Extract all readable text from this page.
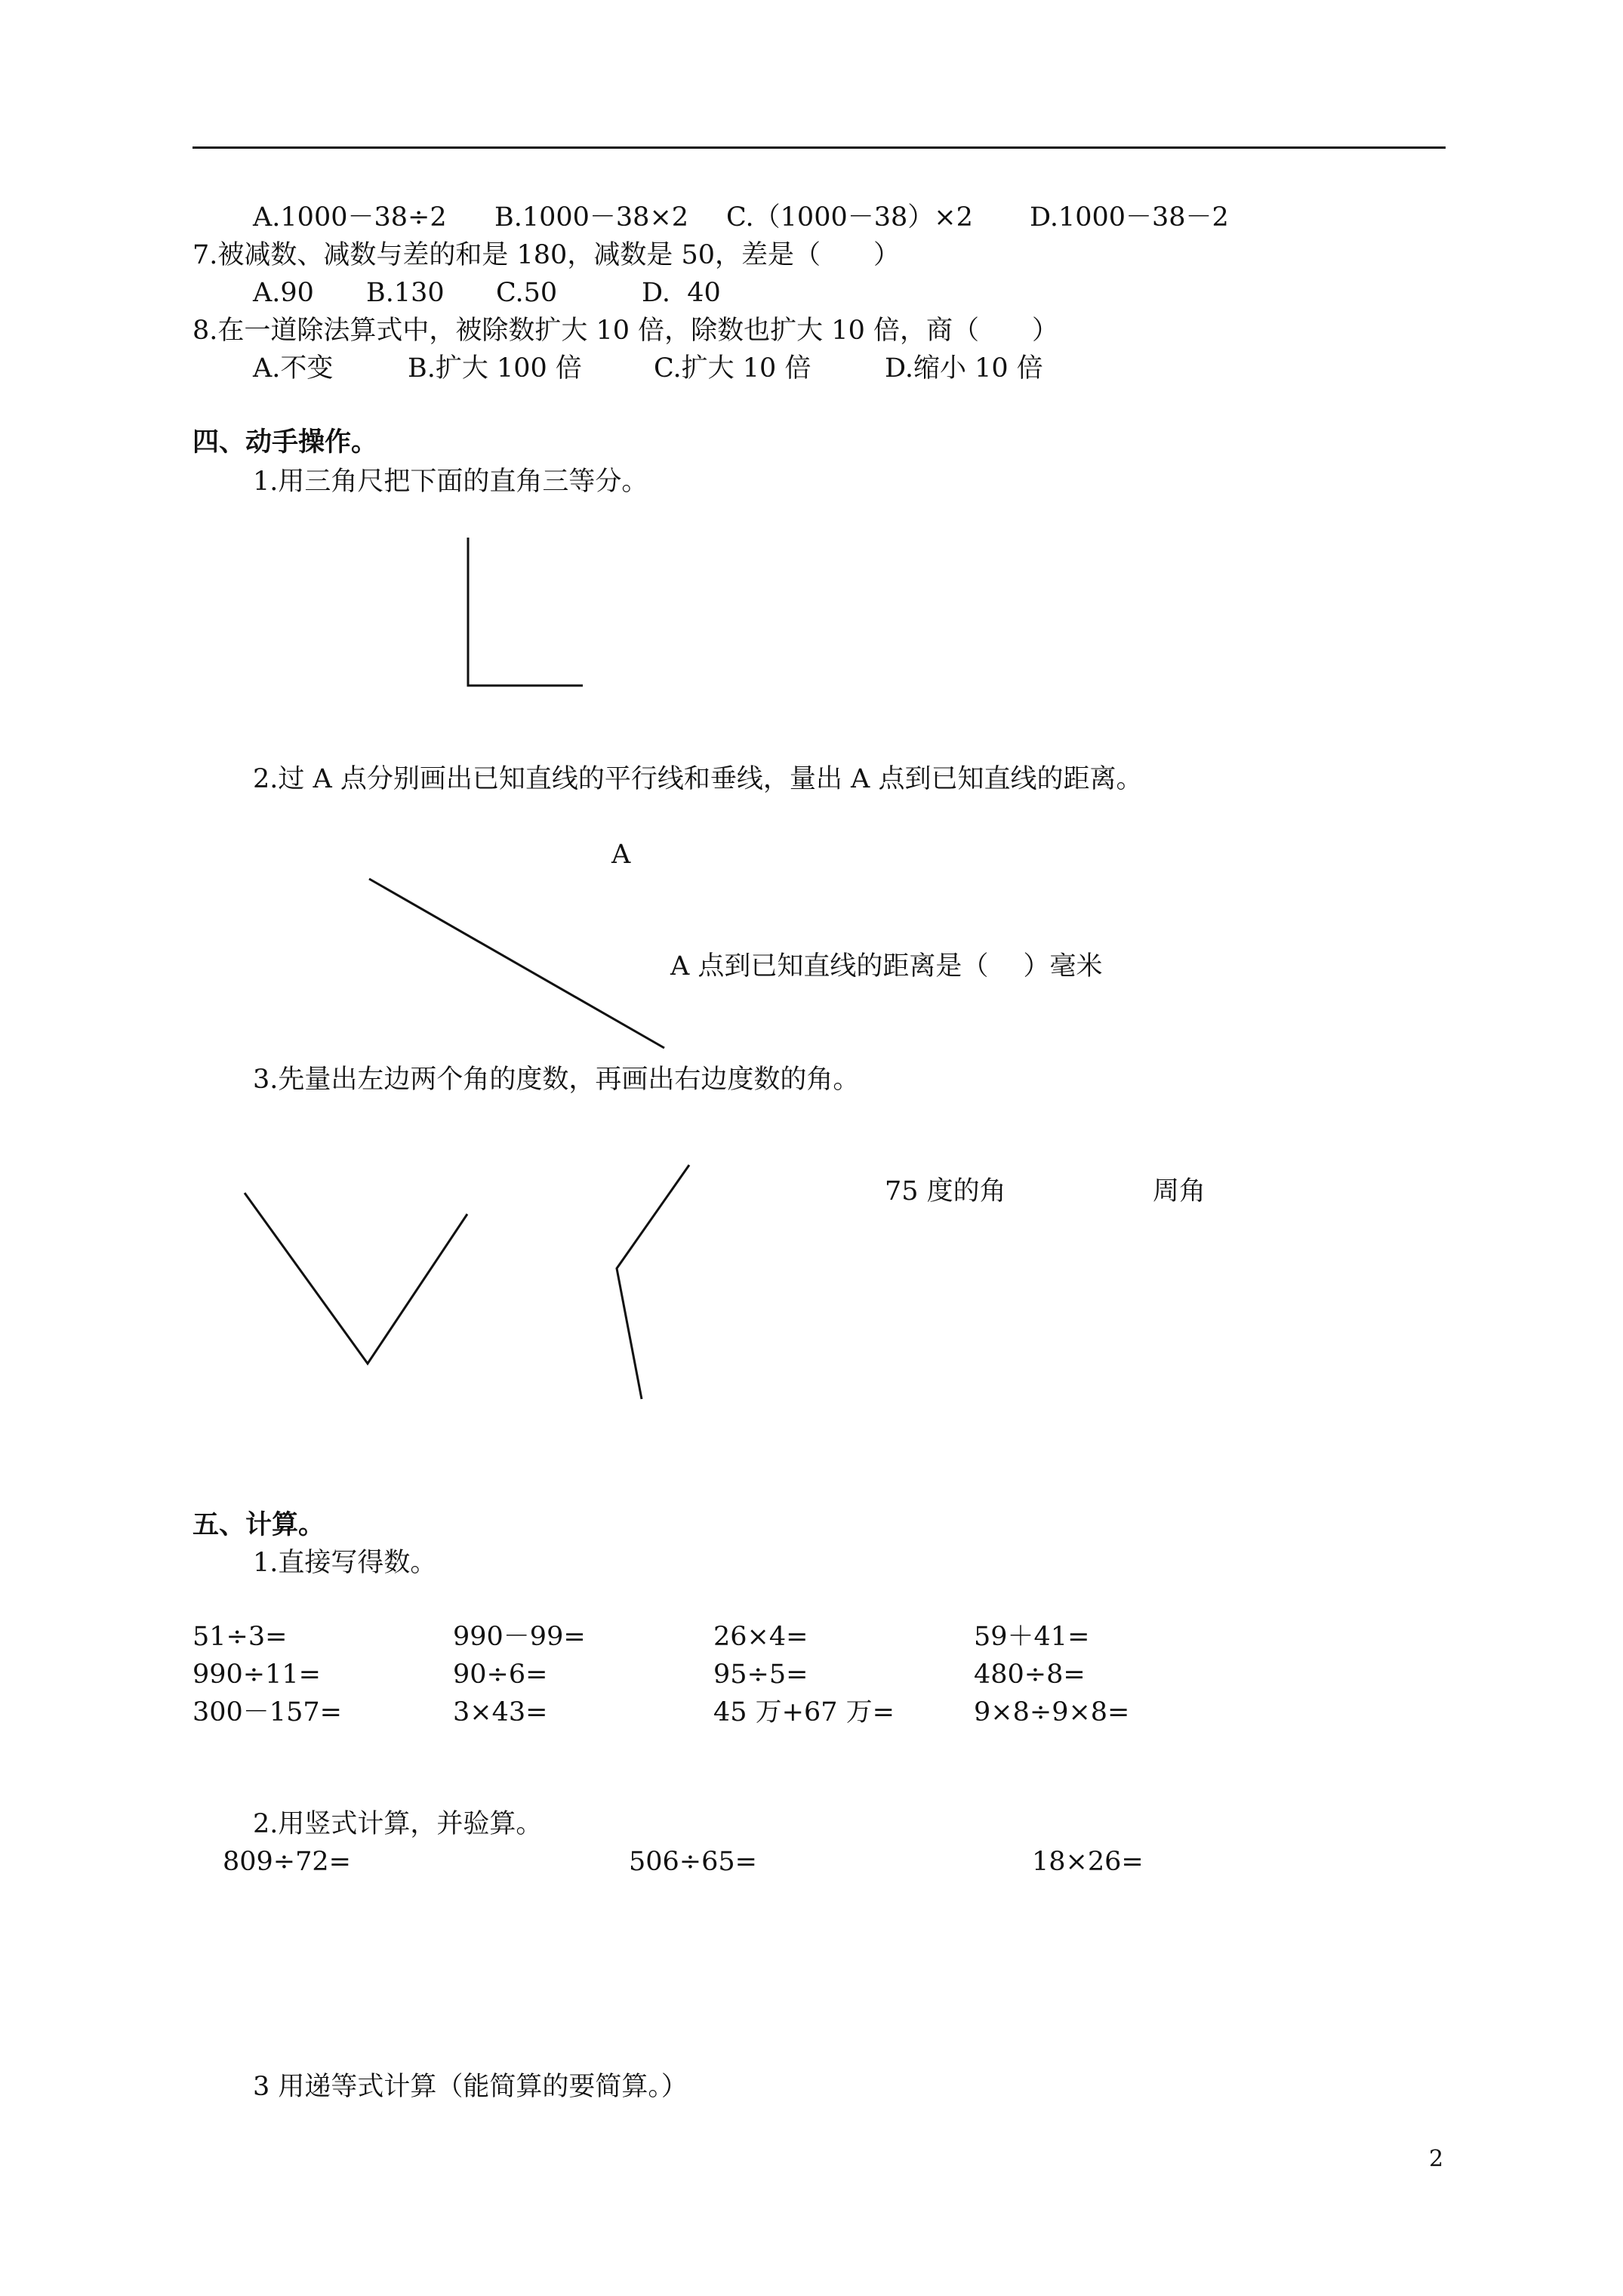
A.1000－38÷2 B.1000－38×2 C.（1000－38）×2 D.1000－38－2
7.被减数、减数与差的和是 180，减数是 50，差是（　　）
A.90 B.130 C.50	D.  40
8.在一道除法算式中，被除数扩大 10 倍，除数也扩大 10 倍，商（　　）
A.不变	B.扩大 100 倍	C.扩大 10 倍	D.缩小 10 倍
四、动手操作。
1.用三角尺把下面的直角三等分。
2.过 A 点分别画出已知直线的平行线和垂线，量出 A 点到已知直线的距离。
A
A 点到已知直线的距离是（　 ）毫米
3.先量出左边两个角的度数，再画出右边度数的角。
75 度的角	周角
五、计算。
1.直接写得数。
51÷3=	990－99=	26×4=	59＋41=
990÷11=	90÷6=	95÷5=	480÷8=
300－157=	3×43=	45 万+67 万=	9×8÷9×8=
2.用竖式计算，并验算。
809÷72=	506÷65=	18×26=
3 用递等式计算（能简算的要简算。）
2
